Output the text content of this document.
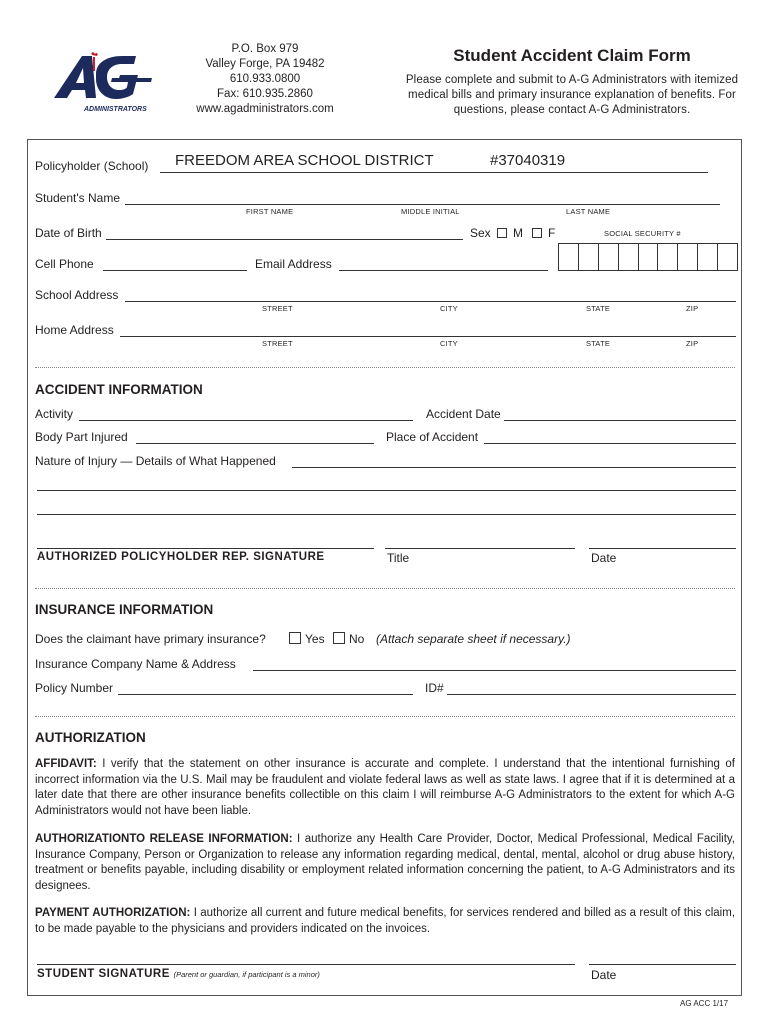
ADMINISTRATORS
P.O. Box 979
Valley Forge, PA 19482
610.933.0800
Fax: 610.935.2860
www.agadministrators.com
Student Accident Claim Form
Please complete and submit to A-G Administrators with itemized medical bills and primary insurance explanation of benefits. For questions, please contact A-G Administrators.
Policyholder (School) FREEDOM AREA SCHOOL DISTRICT	#37040319
Student's Name
FIRST NAME	MIDDLE INITIAL	LAST NAME
Date of Birth	Sex M F	SOCIAL SECURITY #
Cell Phone	Email Address
School Address
STREET	CITY	STATE	ZIP
Home Address
STREET	CITY	STATE	ZIP
ACCIDENT INFORMATION
Activity	Accident Date
Body Part Injured	Place of Accident
Nature of Injury — Details of What Happened
AUTHORIZED POLICYHOLDER REP. SIGNATURE	Title	Date
INSURANCE INFORMATION
Does the claimant have primary insurance?	Yes No (Attach separate sheet if necessary.)
Insurance Company Name & Address
Policy Number	ID#
AUTHORIZATION
AFFIDAVIT: I verify that the statement on other insurance is accurate and complete. I understand that the intentional furnishing of incorrect information via the U.S. Mail may be fraudulent and violate federal laws as well as state laws. I agree that if it is determined at a later date that there are other insurance benefits collectible on this claim I will reimburse A-G Administrators to the extent for which A-G Administrators would not have been liable.
AUTHORIZATIONTO RELEASE INFORMATION: I authorize any Health Care Provider, Doctor, Medical Professional, Medical Facility, Insurance Company, Person or Organization to release any information regarding medical, dental, mental, alcohol or drug abuse history, treatment or benefits payable, including disability or employment related information concerning the patient, to A-G Administrators and its designees.
PAYMENT AUTHORIZATION: I authorize all current and future medical benefits, for services rendered and billed as a result of this claim, to be made payable to the physicians and providers indicated on the invoices.
STUDENT SIGNATURE (Parent or guardian, if participant is a minor)	Date
AG ACC 1/17
